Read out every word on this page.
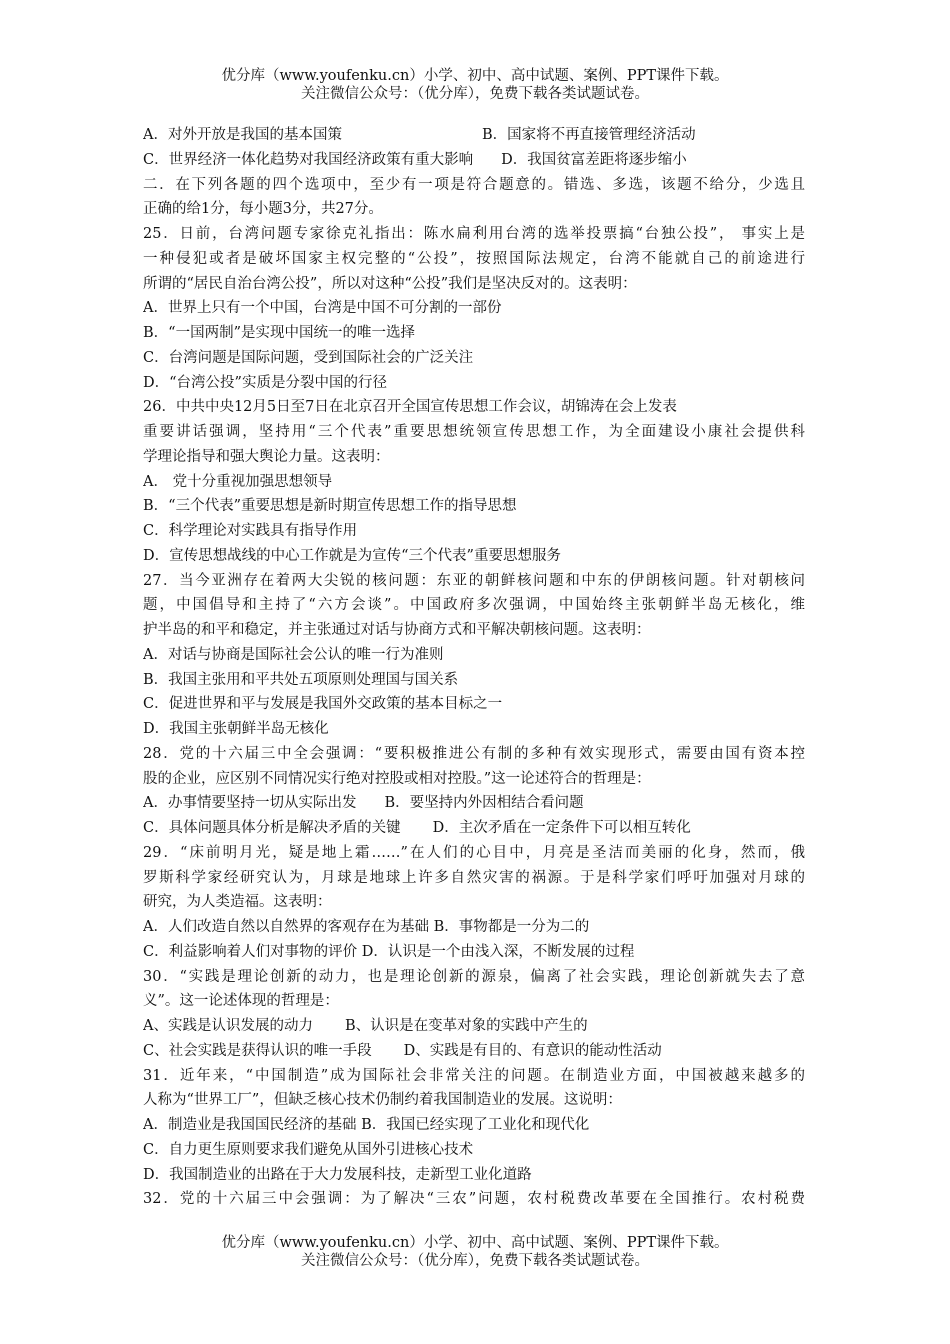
优分库（www.youfenku.cn）小学、初中、高中试题、案例、PPT课件下载。
关注微信公众号：（优分库），免费下载各类试题试卷。
A．对外开放是我国的基本国策	B．国家将不再直接管理经济活动
C．世界经济一体化趋势对我国经济政策有重大影响 D．我国贫富差距将逐步缩小
二．在下列各题的四个选项中，至少有一项是符合题意的。错选、多选，该题不给分，少选且
正确的给1分，每小题3分，共27分。
25．日前，台湾问题专家徐克礼指出：陈水扁利用台湾的选举投票搞“台独公投”， 事实上是
一种侵犯或者是破坏国家主权完整的“公投”，按照国际法规定，台湾不能就自己的前途进行
所谓的“居民自治台湾公投”，所以对这种“公投”我们是坚决反对的。这表明：
A．世界上只有一个中国，台湾是中国不可分割的一部份
B．“一国两制”是实现中国统一的唯一选择
C．台湾问题是国际问题，受到国际社会的广泛关注
D．“台湾公投”实质是分裂中国的行径
26．中共中央12月5日至7日在北京召开全国宣传思想工作会议，胡锦涛在会上发表
重要讲话强调，坚持用“三个代表”重要思想统领宣传思想工作，为全面建设小康社会提供科
学理论指导和强大舆论力量。这表明：
A． 党十分重视加强思想领导
B．“三个代表”重要思想是新时期宣传思想工作的指导思想
C．科学理论对实践具有指导作用
D．宣传思想战线的中心工作就是为宣传“三个代表”重要思想服务
27．当今亚洲存在着两大尖锐的核问题：东亚的朝鲜核问题和中东的伊朗核问题。针对朝核问
题，中国倡导和主持了“六方会谈”。中国政府多次强调，中国始终主张朝鲜半岛无核化，维
护半岛的和平和稳定，并主张通过对话与协商方式和平解决朝核问题。这表明：
A．对话与协商是国际社会公认的唯一行为准则
B．我国主张用和平共处五项原则处理国与国关系
C．促进世界和平与发展是我国外交政策的基本目标之一
D．我国主张朝鲜半岛无核化
28．党的十六届三中全会强调：“要积极推进公有制的多种有效实现形式，需要由国有资本控
股的企业，应区别不同情况实行绝对控股或相对控股。”这一论述符合的哲理是：
A．办事情要坚持一切从实际出发 B．要坚持内外因相结合看问题
C．具体问题具体分析是解决矛盾的关键 D．主次矛盾在一定条件下可以相互转化
29．“床前明月光，疑是地上霜……”在人们的心目中，月亮是圣洁而美丽的化身，然而，俄
罗斯科学家经研究认为，月球是地球上许多自然灾害的祸源。于是科学家们呼吁加强对月球的
研究，为人类造福。这表明：
A．人们改造自然以自然界的客观存在为基础 B．事物都是一分为二的
C．利益影响着人们对事物的评价 D．认识是一个由浅入深，不断发展的过程
30．“实践是理论创新的动力，也是理论创新的源泉，偏离了社会实践，理论创新就失去了意
义”。这一论述体现的哲理是：
A、实践是认识发展的动力 B、认识是在变革对象的实践中产生的
C、社会实践是获得认识的唯一手段 D、实践是有目的、有意识的能动性活动
31．近年来，“中国制造”成为国际社会非常关注的问题。在制造业方面，中国被越来越多的
人称为“世界工厂”，但缺乏核心技术仍制约着我国制造业的发展。这说明：
A．制造业是我国国民经济的基础 B．我国已经实现了工业化和现代化
C．自力更生原则要求我们避免从国外引进核心技术
D．我国制造业的出路在于大力发展科技，走新型工业化道路
32．党的十六届三中会强调：为了解决“三农”问题，农村税费改革要在全国推行。农村税费
优分库（www.youfenku.cn）小学、初中、高中试题、案例、PPT课件下载。
关注微信公众号：（优分库），免费下载各类试题试卷。
